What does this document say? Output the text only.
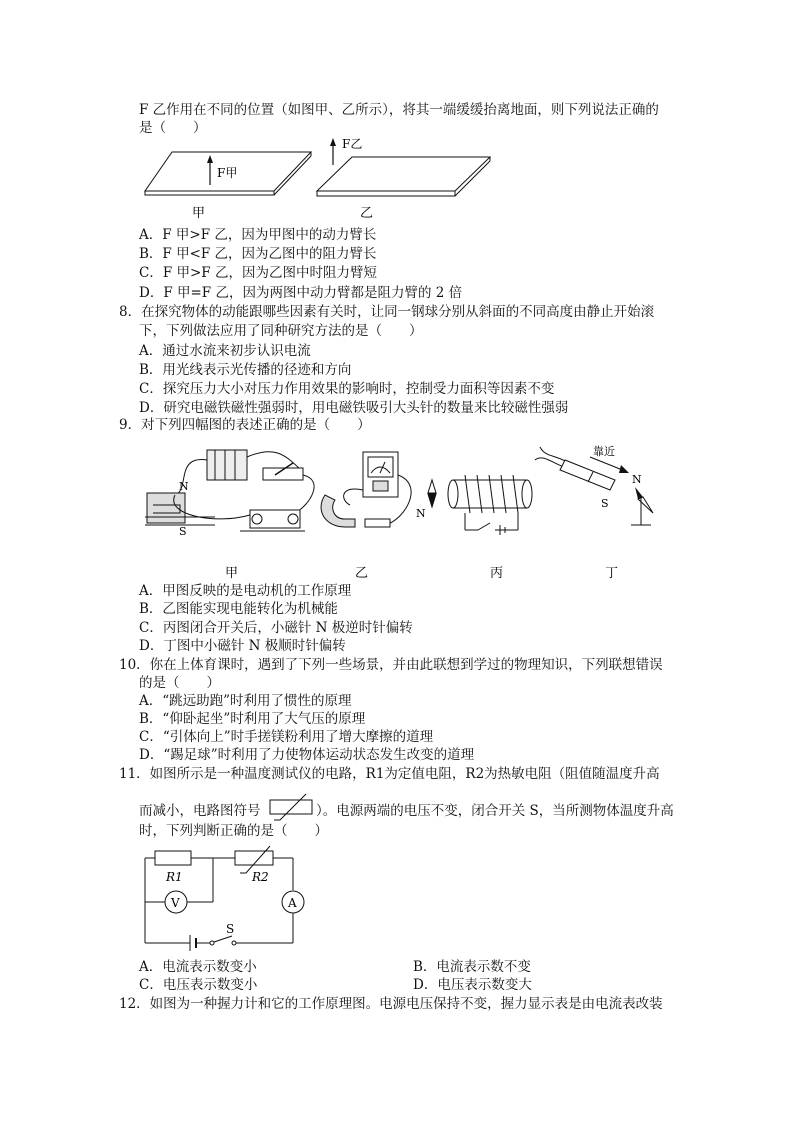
F 乙作用在不同的位置（如图甲、乙所示），将其一端缓缓抬离地面，则下列说法正确的
是（　　）
F甲
F乙
甲	乙
A．F 甲>F 乙，因为甲图中的动力臂长
B．F 甲<F 乙，因为乙图中的阻力臂长
C．F 甲>F 乙，因为乙图中时阻力臂短
D．F 甲=F 乙，因为两图中动力臂都是阻力臂的 2 倍
8．在探究物体的动能跟哪些因素有关时，让同一钢球分别从斜面的不同高度由静止开始滚
下，下列做法应用了同种研究方法的是（　　）
A．通过水流来初步认识电流
B．用光线表示光传播的径迹和方向
C．探究压力大小对压力作用效果的影响时，控制受力面积等因素不变
D．研究电磁铁磁性强弱时，用电磁铁吸引大头针的数量来比较磁性强弱
9．对下列四幅图的表述正确的是（　　）
N
S
N
靠近
S
N
甲	乙	丙	丁
A．甲图反映的是电动机的工作原理
B．乙图能实现电能转化为机械能
C．丙图闭合开关后，小磁针 N 极逆时针偏转
D．丁图中小磁针 N 极顺时针偏转
10．你在上体育课时，遇到了下列一些场景，并由此联想到学过的物理知识，下列联想错误
的是（　　）
A．“跳远助跑”时利用了惯性的原理
B．“仰卧起坐”时利用了大气压的原理
C．“引体向上”时手搓镁粉利用了增大摩擦的道理
D．“踢足球”时利用了力使物体运动状态发生改变的道理
11．如图所示是一种温度测试仪的电路，R1为定值电阻，R2为热敏电阻（阻值随温度升高
而减小，电路图符号	）。电源两端的电压不变，闭合开关 S，当所测物体温度升高
时，下列判断正确的是（　　）
A
V
R1	R2
S
A．电流表示数变小	B．电流表示数不变
C．电压表示数变小	D．电压表示数变大
12．如图为一种握力计和它的工作原理图。电源电压保持不变，握力显示表是由电流表改装
